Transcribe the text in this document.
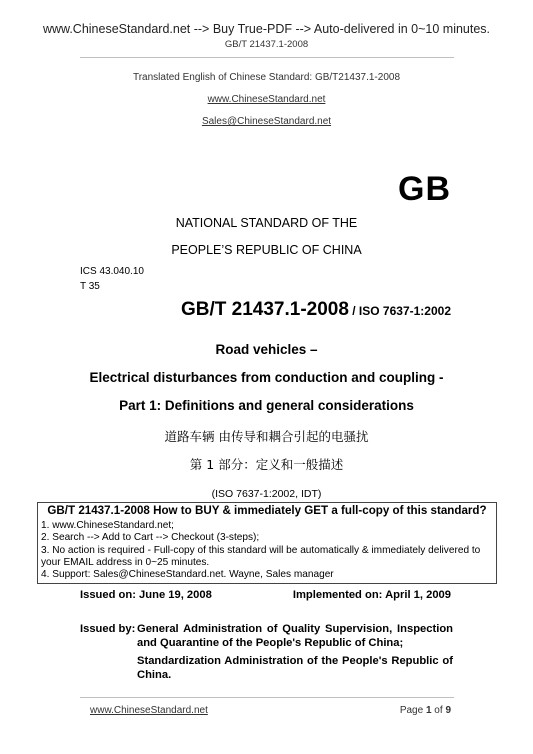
www.ChineseStandard.net --> Buy True-PDF --> Auto-delivered in 0~10 minutes.
GB/T 21437.1-2008
Translated English of Chinese Standard: GB/T21437.1-2008
www.ChineseStandard.net
Sales@ChineseStandard.net
GB
NATIONAL STANDARD OF THE
PEOPLE’S REPUBLIC OF CHINA
ICS 43.040.10
T 35
GB/T 21437.1-2008 / ISO 7637-1:2002
Road vehicles –
Electrical disturbances from conduction and coupling -
Part 1: Definitions and general considerations
道路车辆 由传导和耦合引起的电骚扰
第 1 部分：定义和一般描述
(ISO 7637-1:2002, IDT)
GB/T 21437.1-2008 How to BUY & immediately GET a full-copy of this standard?
1. www.ChineseStandard.net;
2. Search --> Add to Cart --> Checkout (3-steps);
3. No action is required - Full-copy of this standard will be automatically & immediately delivered to
your EMAIL address in 0~25 minutes.
4. Support: Sales@ChineseStandard.net. Wayne, Sales manager
Issued on: June 19, 2008	Implemented on: April 1, 2009
Issued by: General Administration of Quality Supervision, Inspection and Quarantine of the People's Republic of China;
Standardization Administration of the People's Republic of China.
www.ChineseStandard.net	Page 1 of 9
